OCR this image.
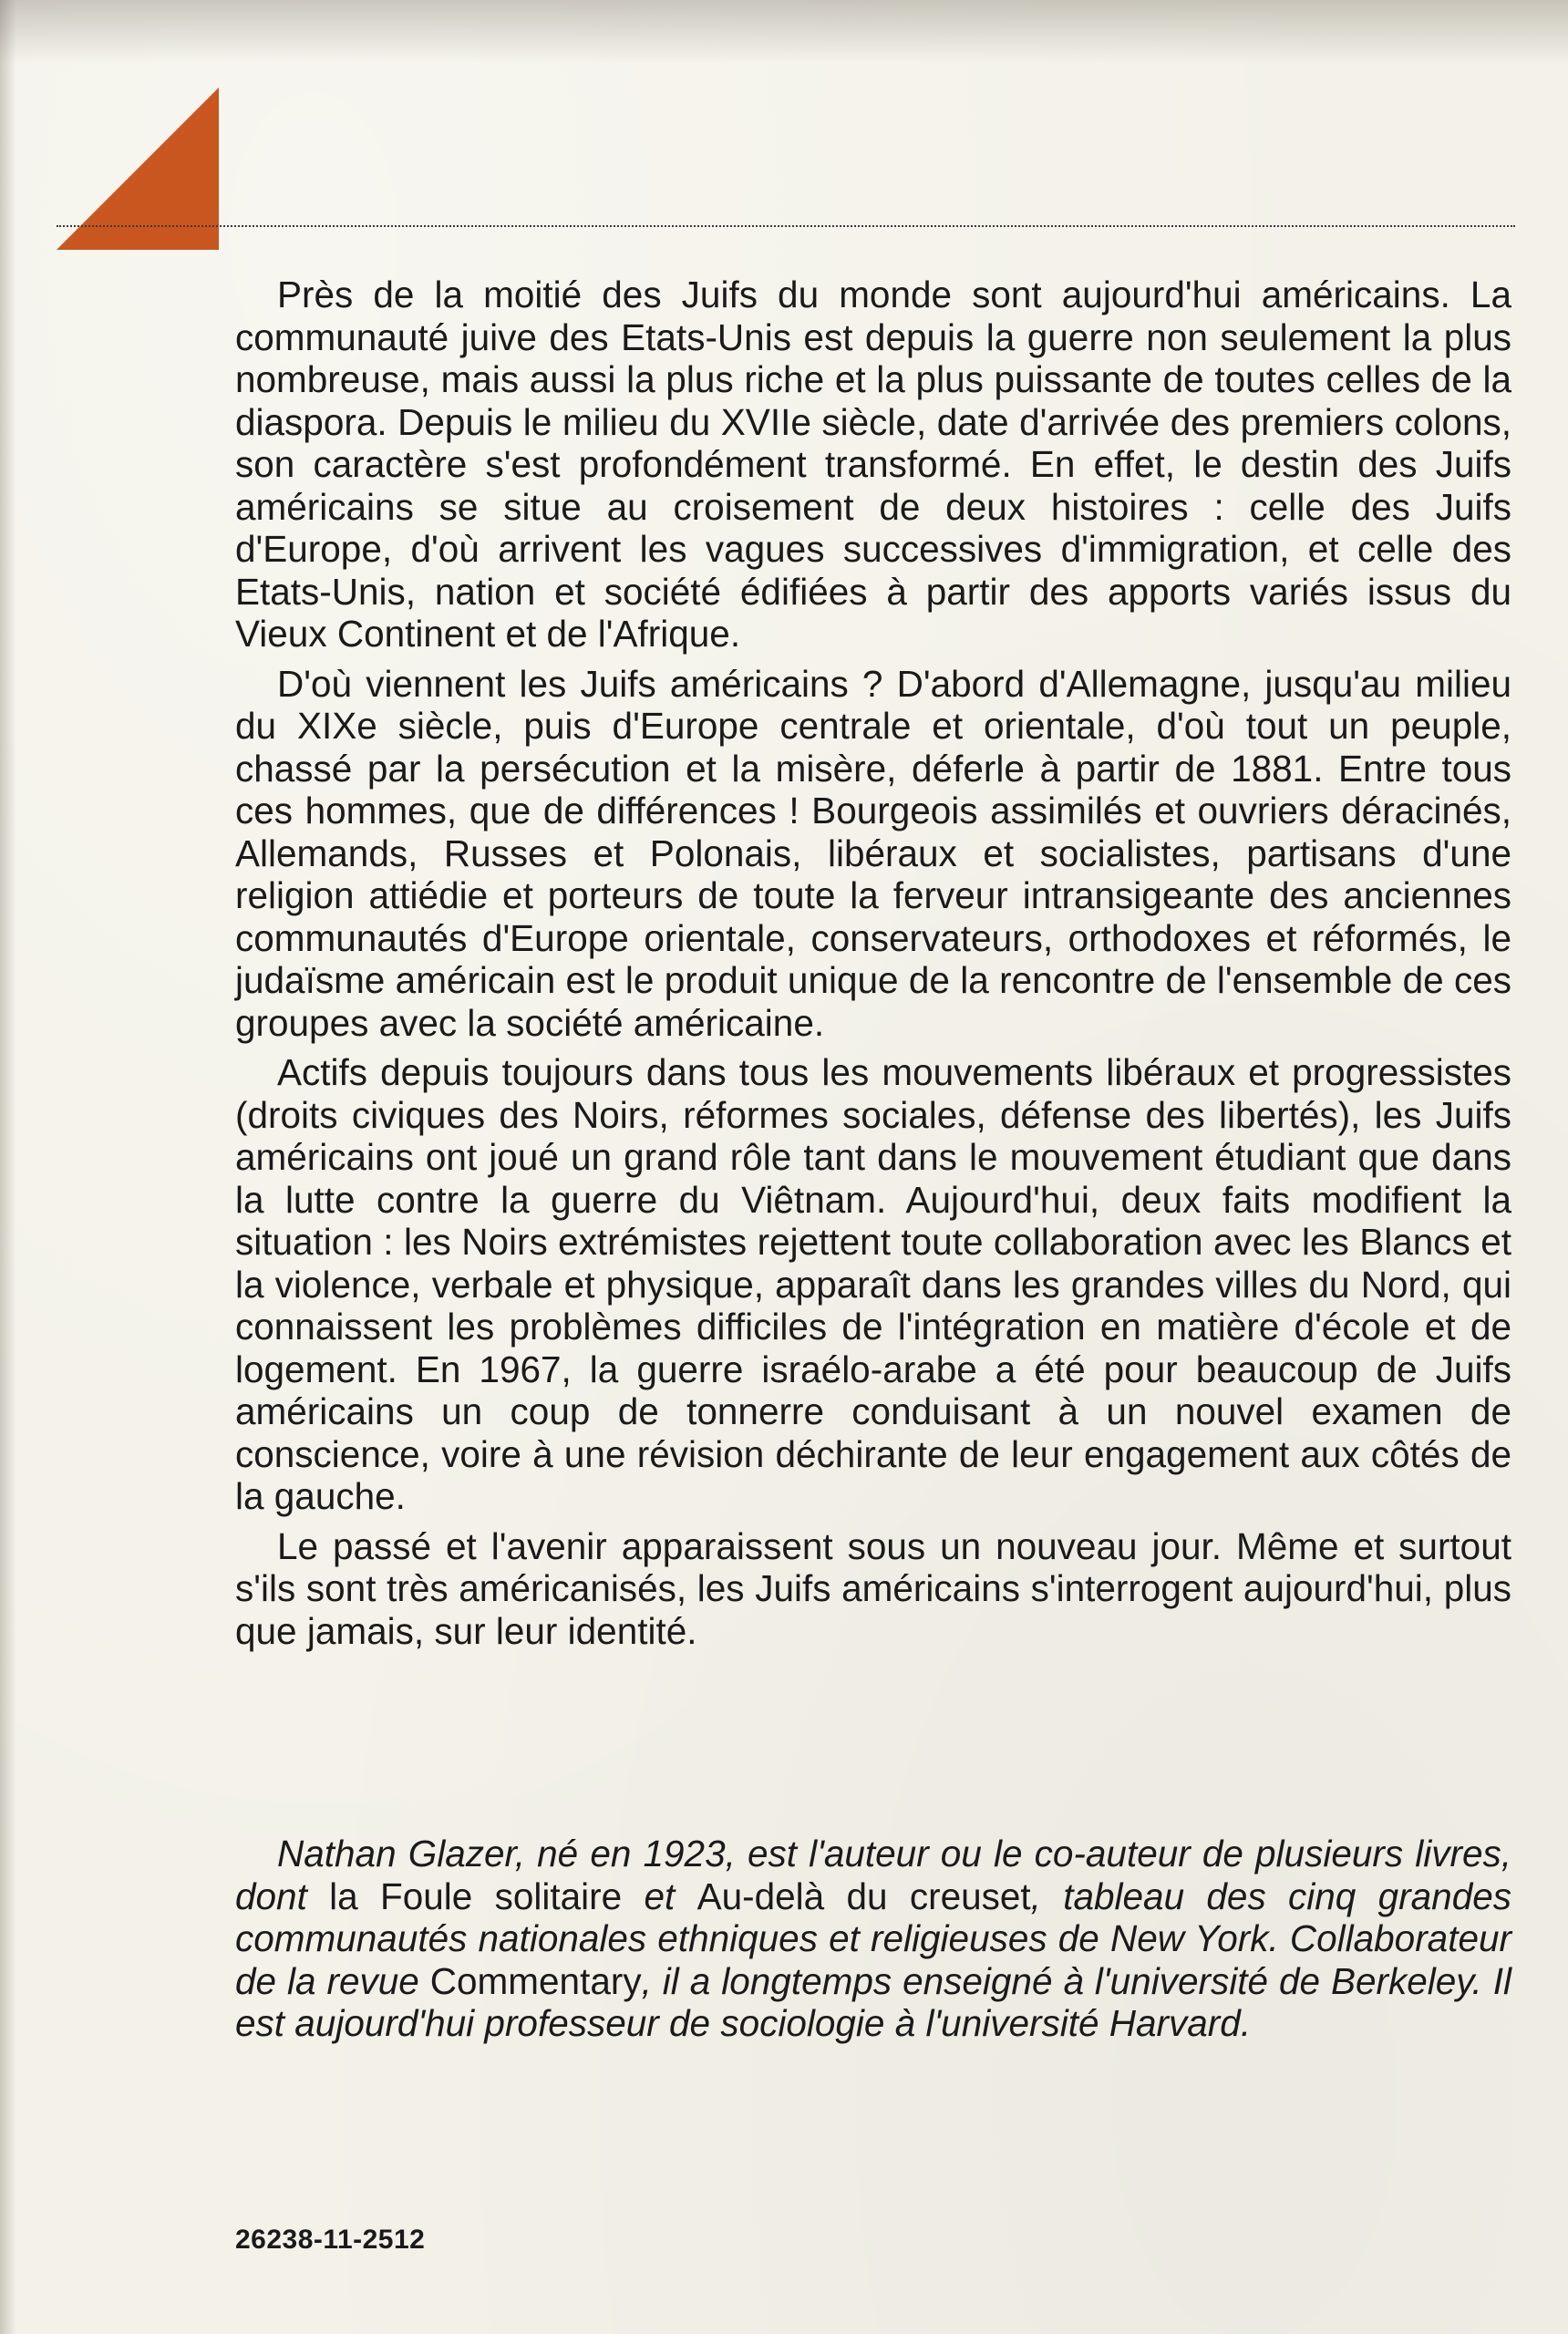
Près de la moitié des Juifs du monde sont aujourd'hui américains. La communauté juive des Etats-Unis est depuis la guerre non seulement la plus nombreuse, mais aussi la plus riche et la plus puissante de toutes celles de la diaspora. Depuis le milieu du XVIIe siècle, date d'arrivée des premiers colons, son caractère s'est profondément transformé. En effet, le destin des Juifs américains se situe au croisement de deux histoires : celle des Juifs d'Europe, d'où arrivent les vagues successives d'immigration, et celle des Etats-Unis, nation et société édifiées à partir des apports variés issus du Vieux Continent et de l'Afrique.

D'où viennent les Juifs américains ? D'abord d'Allemagne, jusqu'au milieu du XIXe siècle, puis d'Europe centrale et orientale, d'où tout un peuple, chassé par la persécution et la misère, déferle à partir de 1881. Entre tous ces hommes, que de différences ! Bourgeois assimilés et ouvriers déracinés, Allemands, Russes et Polonais, libéraux et socialistes, partisans d'une religion attiédie et porteurs de toute la ferveur intransigeante des anciennes communautés d'Europe orientale, conservateurs, orthodoxes et réformés, le judaïsme américain est le produit unique de la rencontre de l'ensemble de ces groupes avec la société américaine.

Actifs depuis toujours dans tous les mouvements libéraux et progressistes (droits civiques des Noirs, réformes sociales, défense des libertés), les Juifs américains ont joué un grand rôle tant dans le mouvement étudiant que dans la lutte contre la guerre du Viêtnam. Aujourd'hui, deux faits modifient la situation : les Noirs extrémistes rejettent toute collaboration avec les Blancs et la violence, verbale et physique, apparaît dans les grandes villes du Nord, qui connaissent les problèmes difficiles de l'intégration en matière d'école et de logement. En 1967, la guerre israélo-arabe a été pour beaucoup de Juifs américains un coup de tonnerre conduisant à un nouvel examen de conscience, voire à une révision déchirante de leur engagement aux côtés de la gauche.

Le passé et l'avenir apparaissent sous un nouveau jour. Même et surtout s'ils sont très américanisés, les Juifs américains s'interrogent aujourd'hui, plus que jamais, sur leur identité.

Nathan Glazer, né en 1923, est l'auteur ou le co-auteur de plusieurs livres, dont la Foule solitaire et Au-delà du creuset, tableau des cinq grandes communautés nationales ethniques et religieuses de New York. Collaborateur de la revue Commentary, il a longtemps enseigné à l'université de Berkeley. Il est aujourd'hui professeur de sociologie à l'université Harvard.

26238-11-2512
